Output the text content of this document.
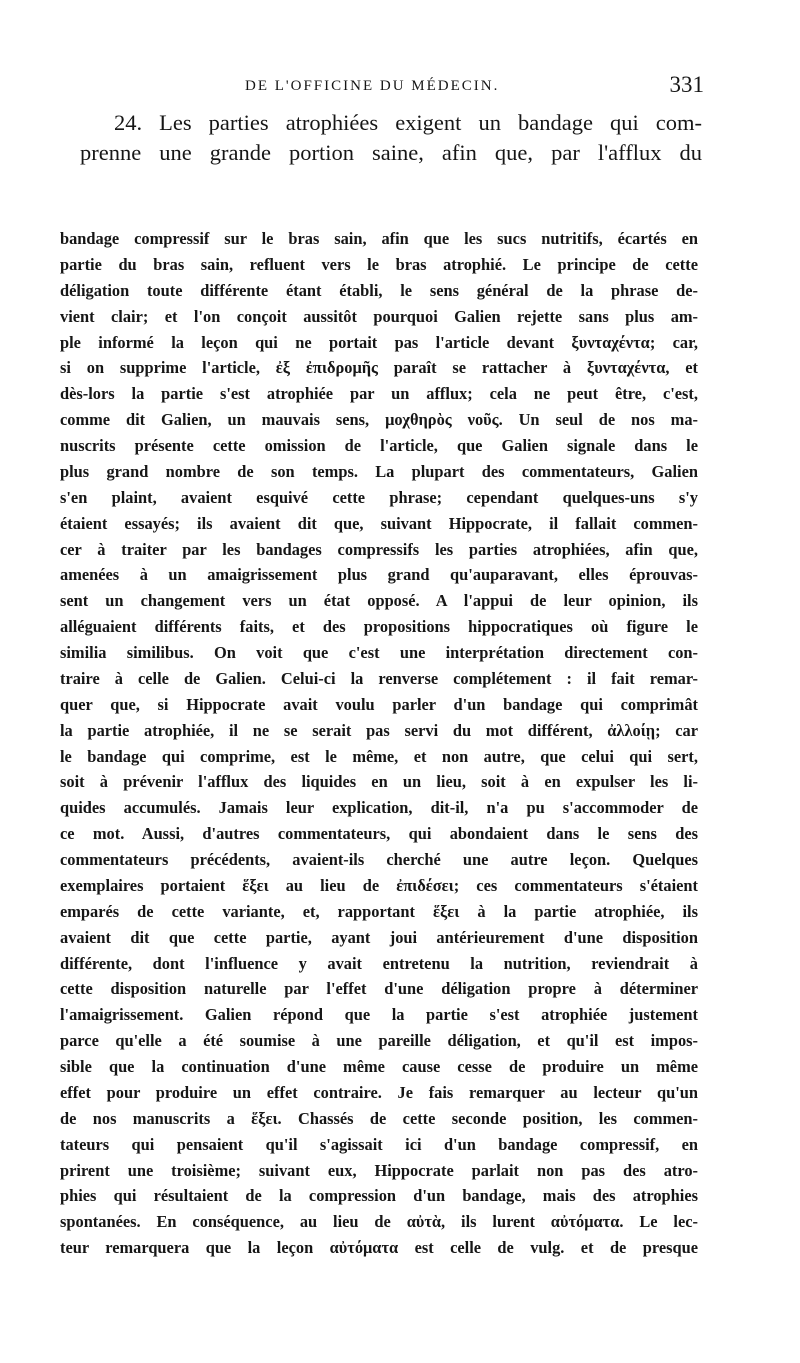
DE L'OFFICINE DU MÉDECIN.	331
24. Les parties atrophiées exigent un bandage qui com-
prenne une grande portion saine, afin que, par l'afflux du
bandage compressif sur le bras sain, afin que les sucs nutritifs, écartés en
partie du bras sain, refluent vers le bras atrophié. Le principe de cette
déligation toute différente étant établi, le sens général de la phrase de-
vient clair; et l'on conçoit aussitôt pourquoi Galien rejette sans plus am-
ple informé la leçon qui ne portait pas l'article devant ξυνταχέντα; car,
si on supprime l'article, ἐξ ἐπιδρομῆς paraît se rattacher à ξυνταχέντα, et
dès-lors la partie s'est atrophiée par un afflux; cela ne peut être, c'est,
comme dit Galien, un mauvais sens, μοχθηρὸς νοῦς. Un seul de nos ma-
nuscrits présente cette omission de l'article, que Galien signale dans le
plus grand nombre de son temps. La plupart des commentateurs, Galien
s'en plaint, avaient esquivé cette phrase; cependant quelques-uns s'y
étaient essayés; ils avaient dit que, suivant Hippocrate, il fallait commen-
cer à traiter par les bandages compressifs les parties atrophiées, afin que,
amenées à un amaigrissement plus grand qu'auparavant, elles éprouvas-
sent un changement vers un état opposé. A l'appui de leur opinion, ils
alléguaient différents faits, et des propositions hippocratiques où figure le
similia similibus. On voit que c'est une interprétation directement con-
traire à celle de Galien. Celui-ci la renverse complétement : il fait remar-
quer que, si Hippocrate avait voulu parler d'un bandage qui comprimât
la partie atrophiée, il ne se serait pas servi du mot différent, ἀλλοίῃ; car
le bandage qui comprime, est le même, et non autre, que celui qui sert,
soit à prévenir l'afflux des liquides en un lieu, soit à en expulser les li-
quides accumulés. Jamais leur explication, dit-il, n'a pu s'accommoder de
ce mot. Aussi, d'autres commentateurs, qui abondaient dans le sens des
commentateurs précédents, avaient-ils cherché une autre leçon. Quelques
exemplaires portaient ἕξει au lieu de ἐπιδέσει; ces commentateurs s'étaient
emparés de cette variante, et, rapportant ἕξει à la partie atrophiée, ils
avaient dit que cette partie, ayant joui antérieurement d'une disposition
différente, dont l'influence y avait entretenu la nutrition, reviendrait à
cette disposition naturelle par l'effet d'une déligation propre à déterminer
l'amaigrissement. Galien répond que la partie s'est atrophiée justement
parce qu'elle a été soumise à une pareille déligation, et qu'il est impos-
sible que la continuation d'une même cause cesse de produire un même
effet pour produire un effet contraire. Je fais remarquer au lecteur qu'un
de nos manuscrits a ἕξει. Chassés de cette seconde position, les commen-
tateurs qui pensaient qu'il s'agissait ici d'un bandage compressif, en
prirent une troisième; suivant eux, Hippocrate parlait non pas des atro-
phies qui résultaient de la compression d'un bandage, mais des atrophies
spontanées. En conséquence, au lieu de αὐτὰ, ils lurent αὐτόματα. Le lec-
teur remarquera que la leçon αὐτόματα est celle de vulg. et de presque
